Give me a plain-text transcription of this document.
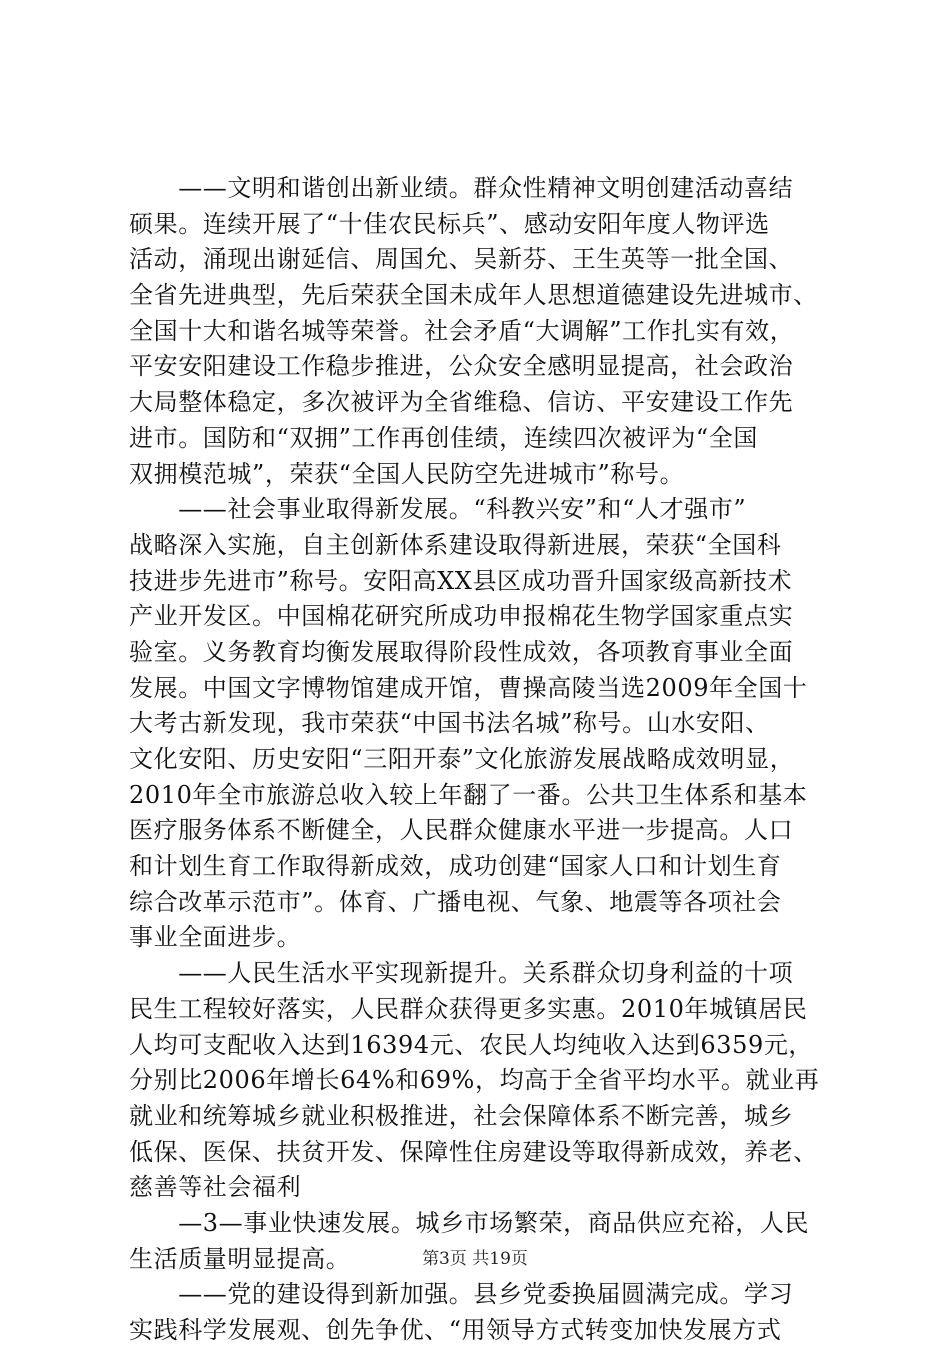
　　——文明和谐创出新业绩。群众性精神文明创建活动喜结
硕果。连续开展了“十佳农民标兵”、感动安阳年度人物评选
活动，涌现出谢延信、周国允、吴新芬、王生英等一批全国、
全省先进典型，先后荣获全国未成年人思想道德建设先进城市、
全国十大和谐名城等荣誉。社会矛盾“大调解”工作扎实有效，
平安安阳建设工作稳步推进，公众安全感明显提高，社会政治
大局整体稳定，多次被评为全省维稳、信访、平安建设工作先
进市。国防和“双拥”工作再创佳绩，连续四次被评为“全国
双拥模范城”，荣获“全国人民防空先进城市”称号。
　　——社会事业取得新发展。“科教兴安”和“人才强市”
战略深入实施，自主创新体系建设取得新进展，荣获“全国科
技进步先进市”称号。安阳高XX县区成功晋升国家级高新技术
产业开发区。中国棉花研究所成功申报棉花生物学国家重点实
验室。义务教育均衡发展取得阶段性成效，各项教育事业全面
发展。中国文字博物馆建成开馆，曹操高陵当选2009年全国十
大考古新发现，我市荣获“中国书法名城”称号。山水安阳、
文化安阳、历史安阳“三阳开泰”文化旅游发展战略成效明显，
2010年全市旅游总收入较上年翻了一番。公共卫生体系和基本
医疗服务体系不断健全，人民群众健康水平进一步提高。人口
和计划生育工作取得新成效，成功创建“国家人口和计划生育
综合改革示范市”。体育、广播电视、气象、地震等各项社会
事业全面进步。
　　——人民生活水平实现新提升。关系群众切身利益的十项
民生工程较好落实，人民群众获得更多实惠。2010年城镇居民
人均可支配收入达到16394元、农民人均纯收入达到6359元，
分别比2006年增长64%和69%，均高于全省平均水平。就业再
就业和统筹城乡就业积极推进，社会保障体系不断完善，城乡
低保、医保、扶贫开发、保障性住房建设等取得新成效，养老、
慈善等社会福利
　　—3—事业快速发展。城乡市场繁荣，商品供应充裕，人民
生活质量明显提高。
　　——党的建设得到新加强。县乡党委换届圆满完成。学习
实践科学发展观、创先争优、“用领导方式转变加快发展方式
第3页 共19页
